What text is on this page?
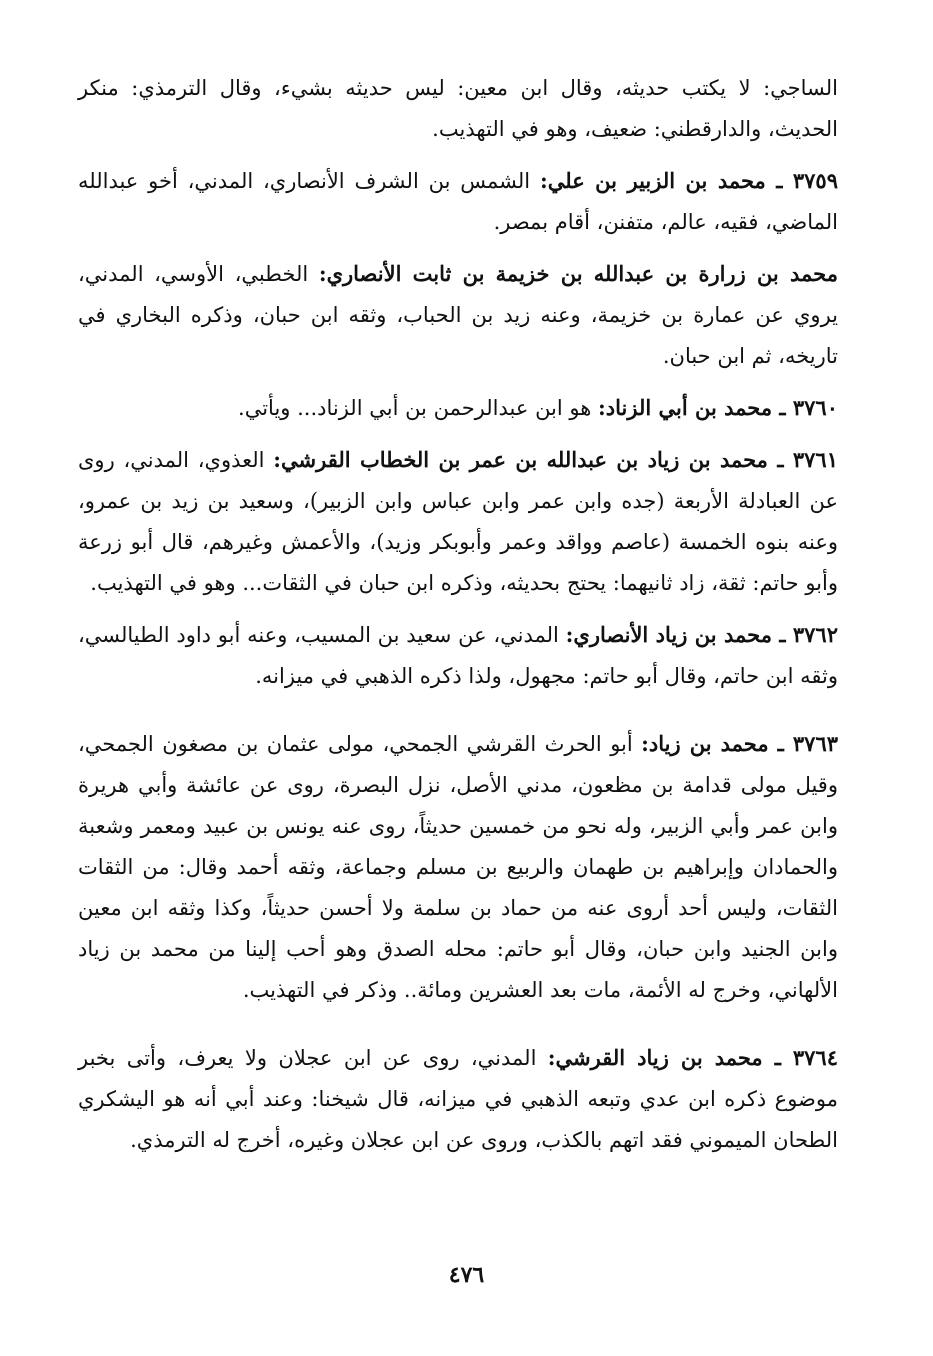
الساجي: لا يكتب حديثه، وقال ابن معين: ليس حديثه بشيء، وقال الترمذي: منكر الحديث، والدارقطني: ضعيف، وهو في التهذيب.

٣٧٥٩ ـ محمد بن الزبير بن علي: الشمس بن الشرف الأنصاري، المدني، أخو عبدالله الماضي، فقيه، عالم، متفنن، أقام بمصر.

محمد بن زرارة بن عبدالله بن خزيمة بن ثابت الأنصاري: الخطبي، الأوسي، المدني، يروي عن عمارة بن خزيمة، وعنه زيد بن الحباب، وثقه ابن حبان، وذكره البخاري في تاريخه، ثم ابن حبان.

٣٧٦٠ ـ محمد بن أبي الزناد: هو ابن عبدالرحمن بن أبي الزناد... ويأتي.

٣٧٦١ ـ محمد بن زياد بن عبدالله بن عمر بن الخطاب القرشي: العذوي، المدني، روى عن العبادلة الأربعة (جده وابن عمر وابن عباس وابن الزبير)، وسعيد بن زيد بن عمرو، وعنه بنوه الخمسة (عاصم وواقد وعمر وأبوبكر وزيد)، والأعمش وغيرهم، قال أبو زرعة وأبو حاتم: ثقة، زاد ثانيهما: يحتج بحديثه، وذكره ابن حبان في الثقات... وهو في التهذيب.

٣٧٦٢ ـ محمد بن زياد الأنصاري: المدني، عن سعيد بن المسيب، وعنه أبو داود الطيالسي، وثقه ابن حاتم، وقال أبو حاتم: مجهول، ولذا ذكره الذهبي في ميزانه.

٣٧٦٣ ـ محمد بن زياد: أبو الحرث القرشي الجمحي، مولى عثمان بن مصغون الجمحي، وقيل مولى قدامة بن مظعون، مدني الأصل، نزل البصرة، روى عن عائشة وأبي هريرة وابن عمر وأبي الزبير، وله نحو من خمسين حديثاً، روى عنه يونس بن عبيد ومعمر وشعبة والحمادان وإبراهيم بن طهمان والربيع بن مسلم وجماعة، وثقه أحمد وقال: من الثقات الثقات، وليس أحد أروى عنه من حماد بن سلمة ولا أحسن حديثاً، وكذا وثقه ابن معين وابن الجنيد وابن حبان، وقال أبو حاتم: محله الصدق وهو أحب إلينا من محمد بن زياد الألهاني، وخرج له الأئمة، مات بعد العشرين ومائة.. وذكر في التهذيب.

٣٧٦٤ ـ محمد بن زياد القرشي: المدني، روى عن ابن عجلان ولا يعرف، وأتى بخبر موضوع ذكره ابن عدي وتبعه الذهبي في ميزانه، قال شيخنا: وعند أبي أنه هو اليشكري الطحان الميموني فقد اتهم بالكذب، وروى عن ابن عجلان وغيره، أخرج له الترمذي.

٤٧٦
